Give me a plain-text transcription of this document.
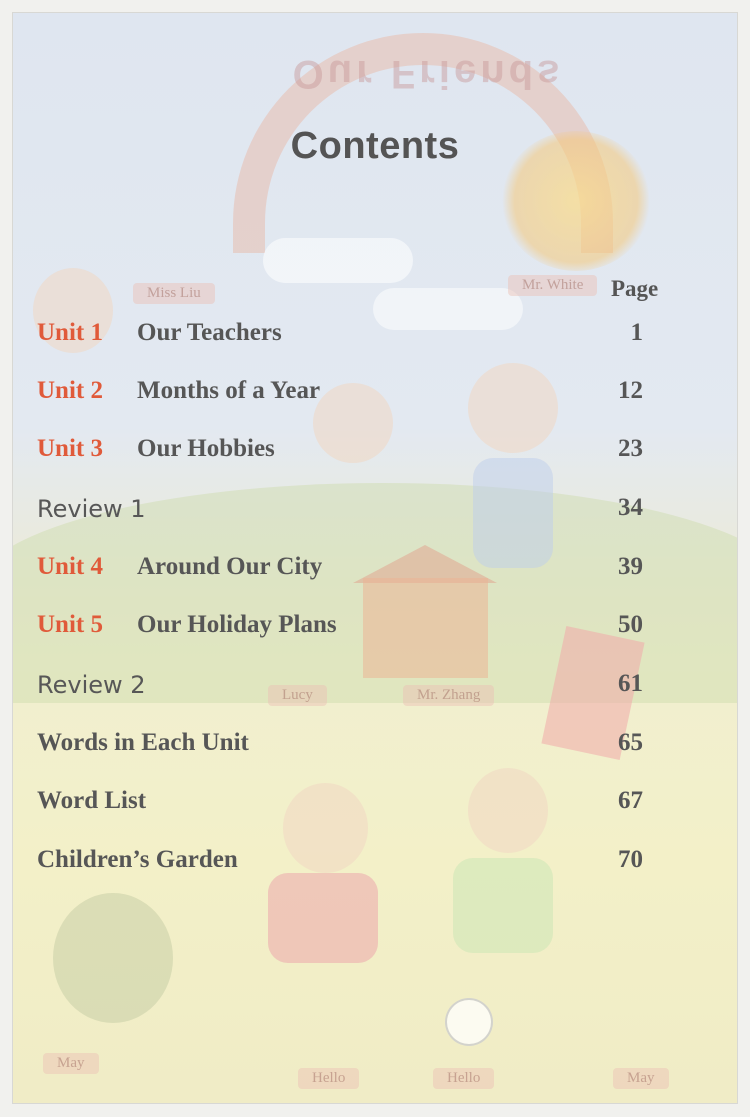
Our Friends
Miss Liu	Mr. White
Lucy	Mr. Zhang
May
Hello	Hello	May
Contents
Page
Unit 1 Our Teachers	1
Unit 2 Months of a Year	12
Unit 3 Our Hobbies	23
Review 1	34
Unit 4 Around Our City	39
Unit 5 Our Holiday Plans	50
Review 2	61
Words in Each Unit	65
Word List	67
Children’s Garden	70
